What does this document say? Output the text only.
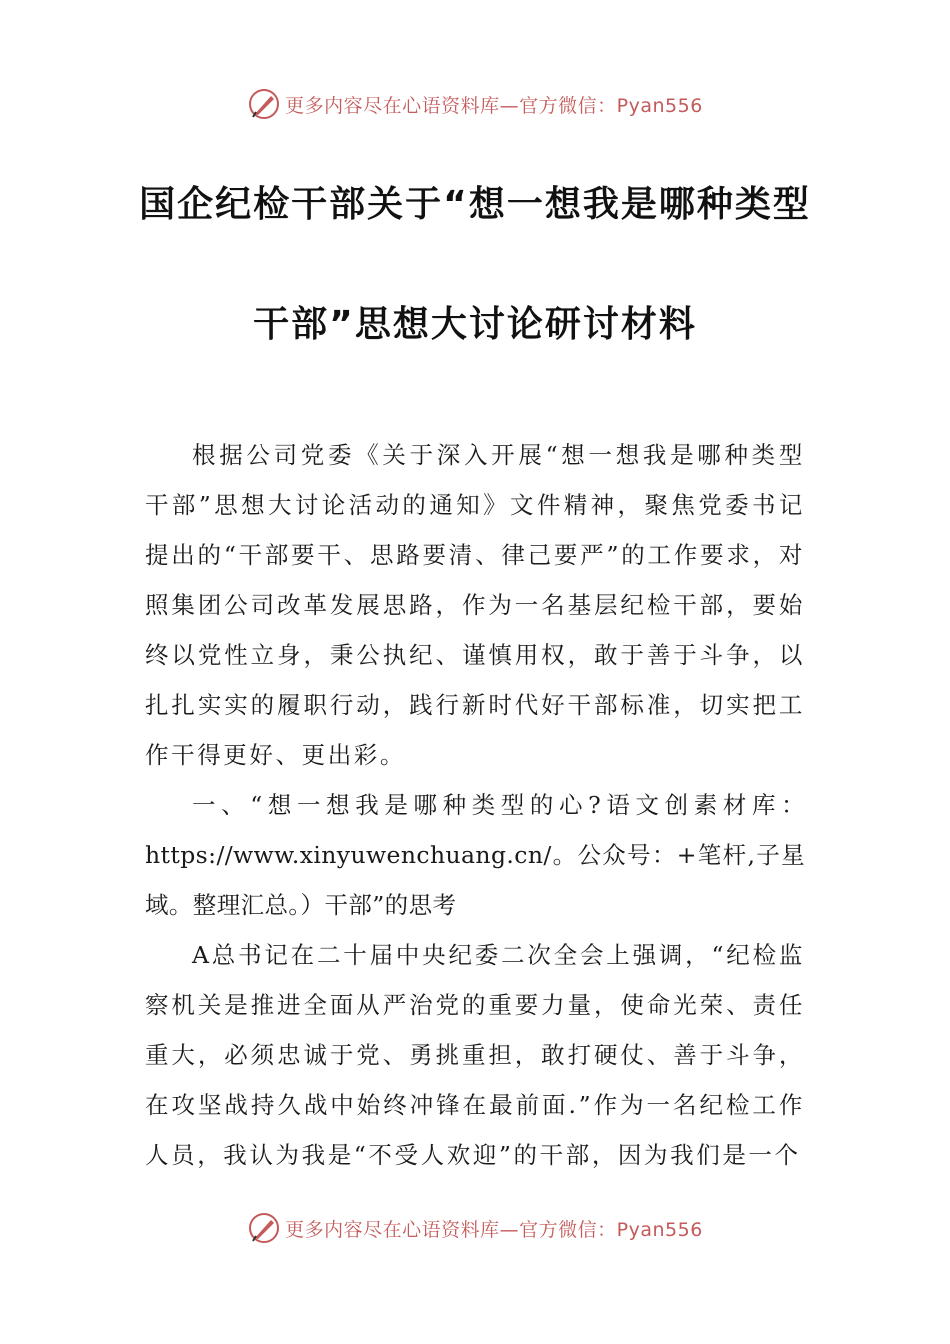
更多内容尽在心语资料库—官方微信：Pyan556
国企纪检干部关于“想一想我是哪种类型
干部”思想大讨论研讨材料

根据公司党委《关于深入开展“想一想我是哪种类型干部”思想大讨论活动的通知》文件精神，聚焦党委书记提出的“干部要干、思路要清、律己要严”的工作要求，对照集团公司改革发展思路，作为一名基层纪检干部，要始终以党性立身，秉公执纪、谨慎用权，敢于善于斗争，以扎扎实实的履职行动，践行新时代好干部标准，切实把工作干得更好、更出彩。

一、“想一想我是哪种类型的心?语文创素材库：https://www.xinyuwenchuang.cn/。公众号：+笔杆,子星域。整理汇总。）干部”的思考

A总书记在二十届中央纪委二次全会上强调，“纪检监察机关是推进全面从严治党的重要力量，使命光荣、责任重大，必须忠诚于党、勇挑重担，敢打硬仗、善于斗争，在攻坚战持久战中始终冲锋在最前面.”作为一名纪检工作人员，我认为我是“不受人欢迎”的干部，因为我们是一个

更多内容尽在心语资料库—官方微信：Pyan556
